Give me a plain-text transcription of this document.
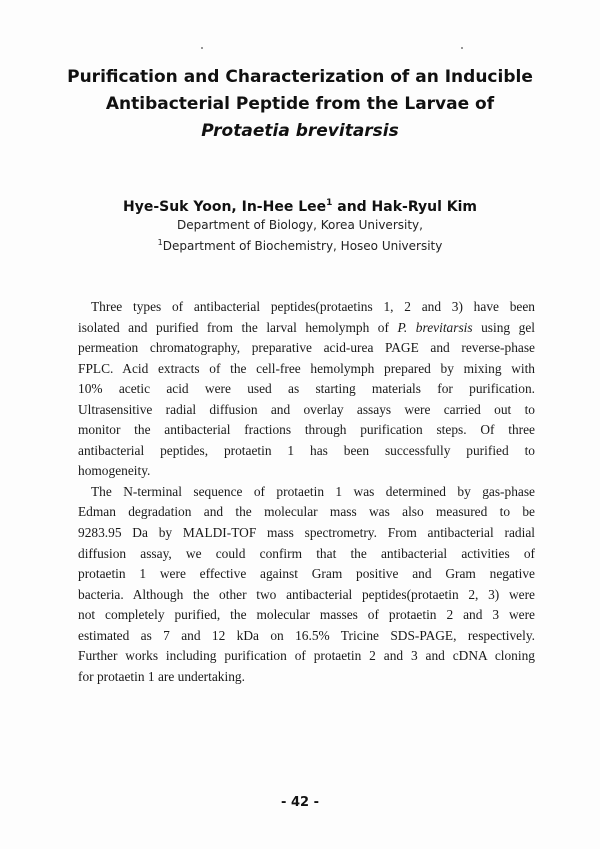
Purification and Characterization of an Inducible
Antibacterial Peptide from the Larvae of
Protaetia brevitarsis
Hye-Suk Yoon, In-Hee Lee$^1$ and Hak-Ryul Kim
Department of Biology, Korea University,
$^1$Department of Biochemistry, Hoseo University
Three types of antibacterial peptides(protaetins 1, 2 and 3) have been
isolated and purified from the larval hemolymph of P. brevitarsis using gel
permeation chromatography, preparative acid-urea PAGE and reverse-phase
FPLC. Acid extracts of the cell-free hemolymph prepared by mixing with
10% acetic acid were used as starting materials for purification.
Ultrasensitive radial diffusion and overlay assays were carried out to
monitor the antibacterial fractions through purification steps. Of three
antibacterial peptides, protaetin 1 has been successfully purified to
homogeneity.
The N-terminal sequence of protaetin 1 was determined by gas-phase
Edman degradation and the molecular mass was also measured to be
9283.95 Da by MALDI-TOF mass spectrometry. From antibacterial radial
diffusion assay, we could confirm that the antibacterial activities of
protaetin 1 were effective against Gram positive and Gram negative
bacteria. Although the other two antibacterial peptides(protaetin 2, 3) were
not completely purified, the molecular masses of protaetin 2 and 3 were
estimated as 7 and 12 kDa on 16.5% Tricine SDS-PAGE, respectively.
Further works including purification of protaetin 2 and 3 and cDNA cloning
for protaetin 1 are undertaking.
- 42 -
